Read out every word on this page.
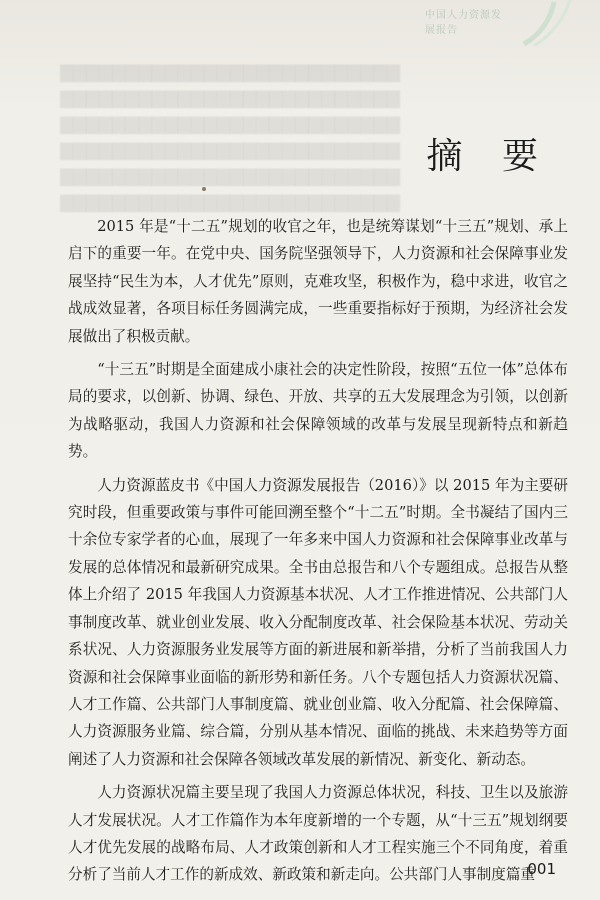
中国人力资源发展报告
▇▇▇▇▇▇▇▇▇▇▇▇▇▇▇▇▇▇▇▇▇▇▇▇▇▇
▇▇▇▇▇▇▇▇▇▇▇▇▇▇▇▇▇▇▇▇▇▇▇▇▇▇
▇▇▇▇▇▇▇▇▇▇▇▇▇▇▇▇▇▇▇▇▇▇▇▇▇▇
▇▇▇▇▇▇▇▇▇▇▇▇▇▇▇▇▇▇▇▇▇▇▇▇▇▇
▇▇▇▇▇▇▇▇▇▇▇▇▇▇▇▇▇▇▇▇▇▇▇▇▇▇
▇▇▇▇▇▇▇▇▇▇▇▇▇▇▇▇▇▇▇▇▇▇▇▇▇▇
摘 要

2015 年是“十二五”规划的收官之年，也是统筹谋划“十三五”规划、承上启下的重要一年。在党中央、国务院坚强领导下，人力资源和社会保障事业发展坚持“民生为本，人才优先”原则，克难攻坚，积极作为，稳中求进，收官之战成效显著，各项目标任务圆满完成，一些重要指标好于预期，为经济社会发展做出了积极贡献。

“十三五”时期是全面建成小康社会的决定性阶段，按照“五位一体”总体布局的要求，以创新、协调、绿色、开放、共享的五大发展理念为引领，以创新为战略驱动，我国人力资源和社会保障领域的改革与发展呈现新特点和新趋势。

人力资源蓝皮书《中国人力资源发展报告（2016）》以 2015 年为主要研究时段，但重要政策与事件可能回溯至整个“十二五”时期。全书凝结了国内三十余位专家学者的心血，展现了一年多来中国人力资源和社会保障事业改革与发展的总体情况和最新研究成果。全书由总报告和八个专题组成。总报告从整体上介绍了 2015 年我国人力资源基本状况、人才工作推进情况、公共部门人事制度改革、就业创业发展、收入分配制度改革、社会保险基本状况、劳动关系状况、人力资源服务业发展等方面的新进展和新举措，分析了当前我国人力资源和社会保障事业面临的新形势和新任务。八个专题包括人力资源状况篇、人才工作篇、公共部门人事制度篇、就业创业篇、收入分配篇、社会保障篇、人力资源服务业篇、综合篇，分别从基本情况、面临的挑战、未来趋势等方面阐述了人力资源和社会保障各领域改革发展的新情况、新变化、新动态。

人力资源状况篇主要呈现了我国人力资源总体状况，科技、卫生以及旅游人才发展状况。人才工作篇作为本年度新增的一个专题，从“十三五”规划纲要人才优先发展的战略布局、人才政策创新和人才工程实施三个不同角度，着重分析了当前人才工作的新成效、新政策和新走向。公共部门人事制度篇重

001
